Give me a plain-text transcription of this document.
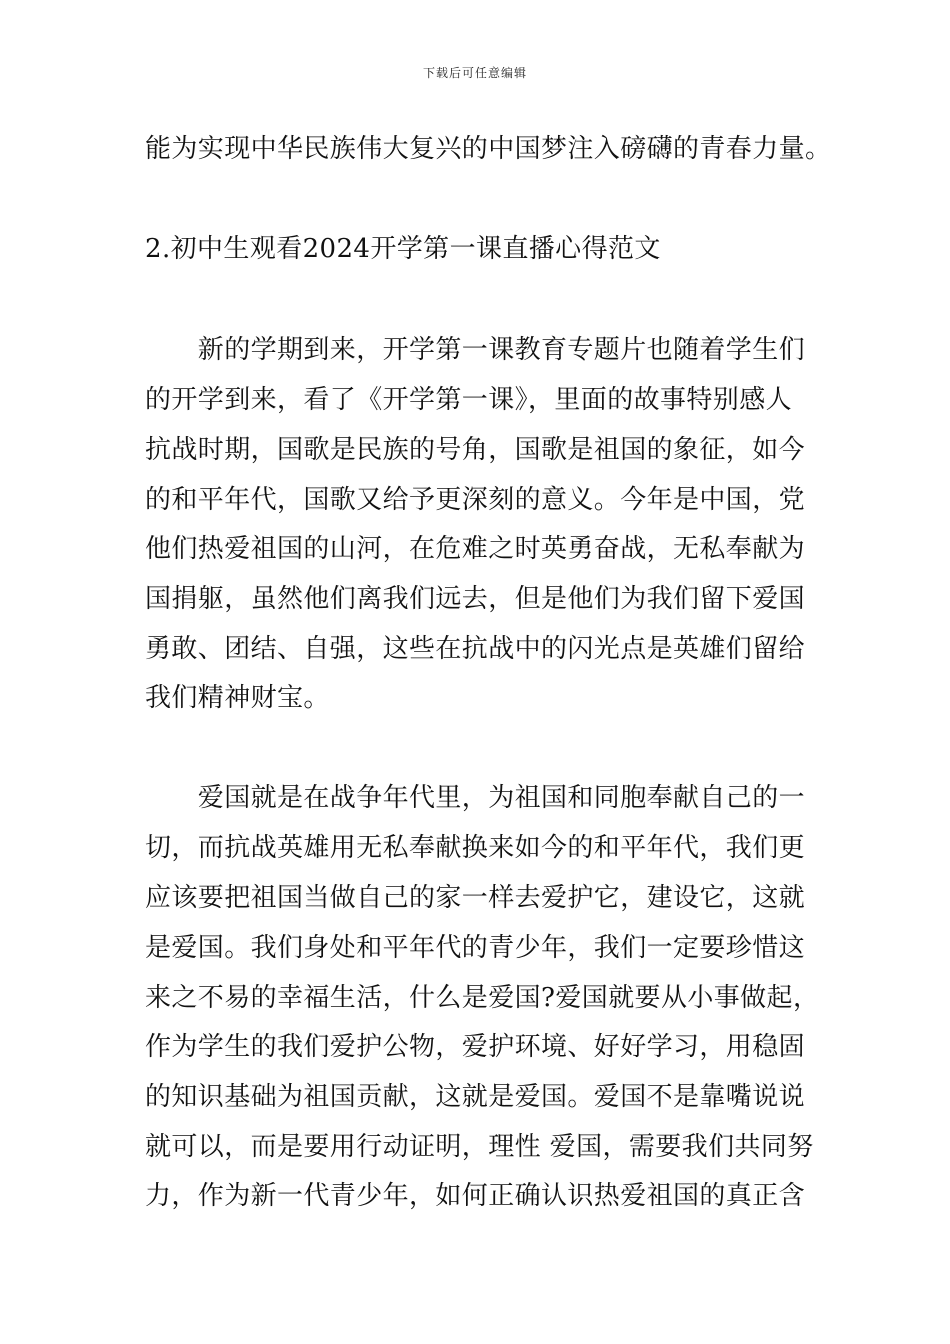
下载后可任意编辑
能为实现中华民族伟大复兴的中国梦注入磅礴的青春力量。
2.初中生观看2024开学第一课直播心得范文
　　新的学期到来，开学第一课教育专题片也随着学生们
的开学到来，看了《开学第一课》，里面的故事特别感人
抗战时期，国歌是民族的号角，国歌是祖国的象征，如今
的和平年代，国歌又给予更深刻的意义。今年是中国，党
他们热爱祖国的山河，在危难之时英勇奋战，无私奉献为
国捐躯，虽然他们离我们远去，但是他们为我们留下爱国
勇敢、团结、自强，这些在抗战中的闪光点是英雄们留给
我们精神财宝。
　　爱国就是在战争年代里，为祖国和同胞奉献自己的一
切，而抗战英雄用无私奉献换来如今的和平年代，我们更
应该要把祖国当做自己的家一样去爱护它，建设它，这就
是爱国。我们身处和平年代的青少年，我们一定要珍惜这
来之不易的幸福生活，什么是爱国?爱国就要从小事做起，
作为学生的我们爱护公物，爱护环境、好好学习，用稳固
的知识基础为祖国贡献，这就是爱国。爱国不是靠嘴说说
就可以，而是要用行动证明，理性 爱国，需要我们共同努
力，作为新一代青少年，如何正确认识热爱祖国的真正含
